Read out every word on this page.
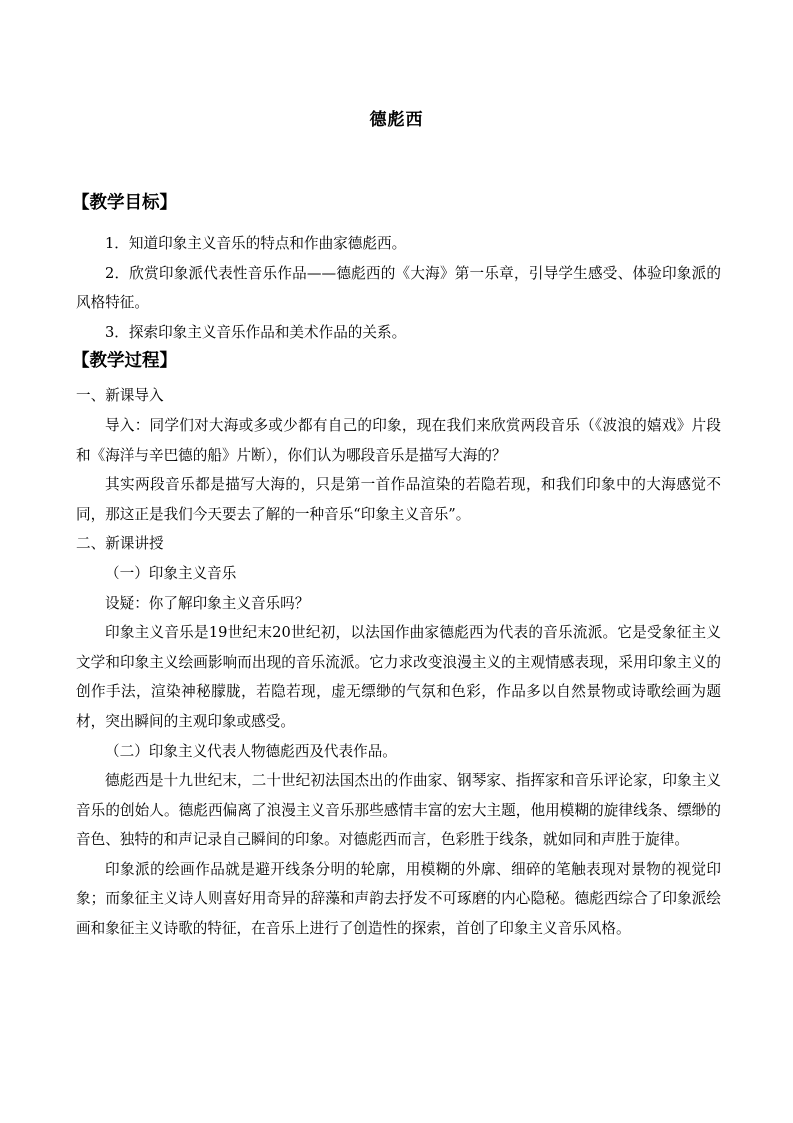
德彪西

【教学目标】

1．知道印象主义音乐的特点和作曲家德彪西。

2．欣赏印象派代表性音乐作品——德彪西的《大海》第一乐章，引导学生感受、体验印象派的风格特征。

3．探索印象主义音乐作品和美术作品的关系。

【教学过程】

一、新课导入

导入：同学们对大海或多或少都有自己的印象，现在我们来欣赏两段音乐（《波浪的嬉戏》片段和《海洋与辛巴德的船》片断），你们认为哪段音乐是描写大海的？

其实两段音乐都是描写大海的，只是第一首作品渲染的若隐若现，和我们印象中的大海感觉不同，那这正是我们今天要去了解的一种音乐“印象主义音乐”。

二、新课讲授

（一）印象主义音乐

设疑：你了解印象主义音乐吗？

印象主义音乐是19世纪末20世纪初，以法国作曲家德彪西为代表的音乐流派。它是受象征主义文学和印象主义绘画影响而出现的音乐流派。它力求改变浪漫主义的主观情感表现，采用印象主义的创作手法，渲染神秘朦胧，若隐若现，虚无缥缈的气氛和色彩，作品多以自然景物或诗歌绘画为题材，突出瞬间的主观印象或感受。

（二）印象主义代表人物德彪西及代表作品。

德彪西是十九世纪末，二十世纪初法国杰出的作曲家、钢琴家、指挥家和音乐评论家，印象主义音乐的创始人。德彪西偏离了浪漫主义音乐那些感情丰富的宏大主题，他用模糊的旋律线条、缥缈的音色、独特的和声记录自己瞬间的印象。对德彪西而言，色彩胜于线条，就如同和声胜于旋律。

印象派的绘画作品就是避开线条分明的轮廓，用模糊的外廓、细碎的笔触表现对景物的视觉印象；而象征主义诗人则喜好用奇异的辞藻和声韵去抒发不可琢磨的内心隐秘。德彪西综合了印象派绘画和象征主义诗歌的特征，在音乐上进行了创造性的探索，首创了印象主义音乐风格。
